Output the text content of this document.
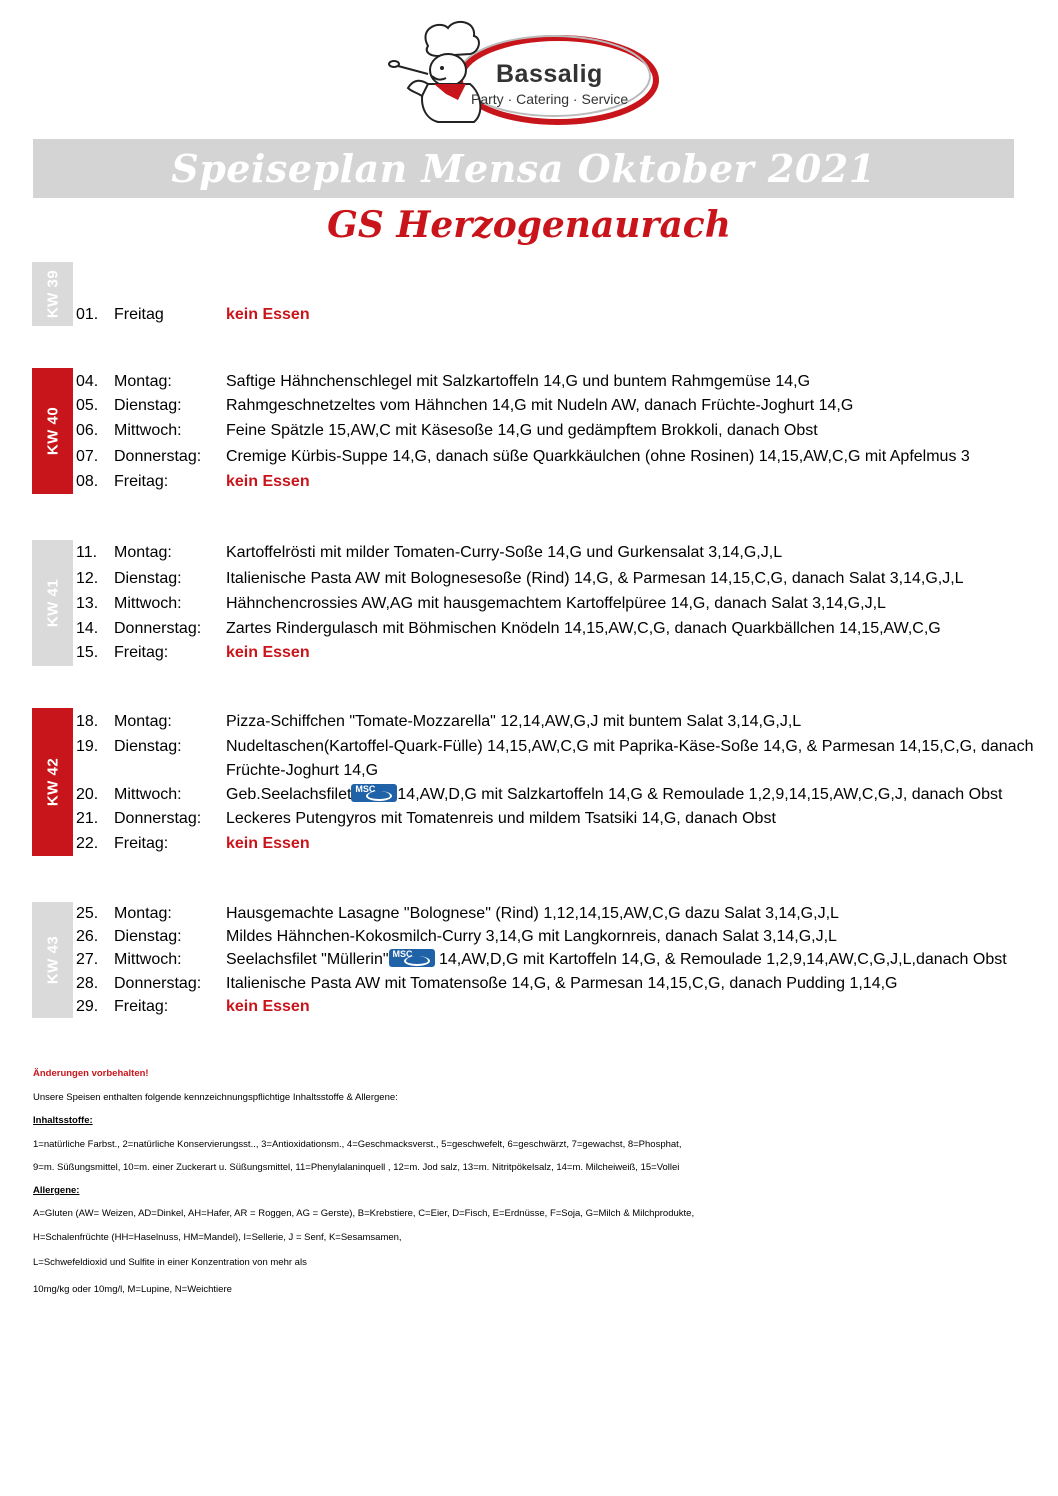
Bassalig
Party · Catering · Service
Speiseplan Mensa Oktober 2021
GS Herzogenaurach
KW 39 01. Freitag	kein Essen
KW 40
04. Montag:	Saftige Hähnchenschlegel mit Salzkartoffeln 14,G und buntem Rahmgemüse 14,G
05. Dienstag:	Rahmgeschnetzeltes vom Hähnchen 14,G mit Nudeln AW, danach Früchte-Joghurt 14,G
06. Mittwoch:	Feine Spätzle 15,AW,C mit Käsesoße 14,G und gedämpftem Brokkoli, danach Obst
07. Donnerstag: Cremige Kürbis-Suppe 14,G, danach süße Quarkkäulchen (ohne Rosinen) 14,15,AW,C,G mit Apfelmus 3
08. Freitag:	kein Essen
KW 41
11. Montag:	Kartoffelrösti mit milder Tomaten-Curry-Soße 14,G und Gurkensalat 3,14,G,J,L
12. Dienstag:	Italienische Pasta AW mit Bolognesesoße (Rind) 14,G, & Parmesan 14,15,C,G, danach Salat 3,14,G,J,L
13. Mittwoch:	Hähnchencrossies AW,AG mit hausgemachtem Kartoffelpüree 14,G, danach Salat 3,14,G,J,L
14. Donnerstag: Zartes Rindergulasch mit Böhmischen Knödeln 14,15,AW,C,G, danach Quarkbällchen 14,15,AW,C,G
15. Freitag:	kein Essen
KW 42
18. Montag:	Pizza-Schiffchen "Tomate-Mozzarella" 12,14,AW,G,J mit buntem Salat 3,14,G,J,L
19. Dienstag:	Nudeltaschen(Kartoffel-Quark-Fülle) 14,15,AW,C,G mit Paprika-Käse-Soße 14,G, & Parmesan 14,15,C,G, danach
Früchte-Joghurt 14,G
20. Mittwoch:	Geb.Seelachsfilet MSC 14,AW,D,G mit Salzkartoffeln 14,G & Remoulade 1,2,9,14,15,AW,C,G,J, danach Obst
21. Donnerstag: Leckeres Putengyros mit Tomatenreis und mildem Tsatsiki 14,G, danach Obst
22. Freitag:	kein Essen
KW 43
25. Montag:	Hausgemachte Lasagne "Bolognese" (Rind) 1,12,14,15,AW,C,G dazu Salat 3,14,G,J,L
26. Dienstag:	Mildes Hähnchen-Kokosmilch-Curry 3,14,G mit Langkornreis, danach Salat 3,14,G,J,L
27. Mittwoch:	Seelachsfilet "Müllerin" MSC 14,AW,D,G mit Kartoffeln 14,G, & Remoulade 1,2,9,14,AW,C,G,J,L,danach Obst
28. Donnerstag: Italienische Pasta AW mit Tomatensoße 14,G, & Parmesan 14,15,C,G, danach Pudding 1,14,G
29. Freitag:	kein Essen
Änderungen vorbehalten!
Unsere Speisen enthalten folgende kennzeichnungspflichtige Inhaltsstoffe & Allergene:
Inhaltsstoffe:
1=natürliche Farbst., 2=natürliche Konservierungsst.., 3=Antioxidationsm., 4=Geschmacksverst., 5=geschwefelt, 6=geschwärzt, 7=gewachst, 8=Phosphat,
9=m. Süßungsmittel, 10=m. einer Zuckerart u. Süßungsmittel, 11=Phenylalaninquell , 12=m. Jod salz, 13=m. Nitritpökelsalz, 14=m. Milcheiweiß, 15=Vollei
Allergene:
A=Gluten (AW= Weizen, AD=Dinkel, AH=Hafer, AR = Roggen, AG = Gerste), B=Krebstiere, C=Eier, D=Fisch, E=Erdnüsse, F=Soja, G=Milch & Milchprodukte,
H=Schalenfrüchte (HH=Haselnuss, HM=Mandel), I=Sellerie, J = Senf, K=Sesamsamen,
L=Schwefeldioxid und Sulfite in einer Konzentration von mehr als
10mg/kg oder 10mg/l, M=Lupine, N=Weichtiere
